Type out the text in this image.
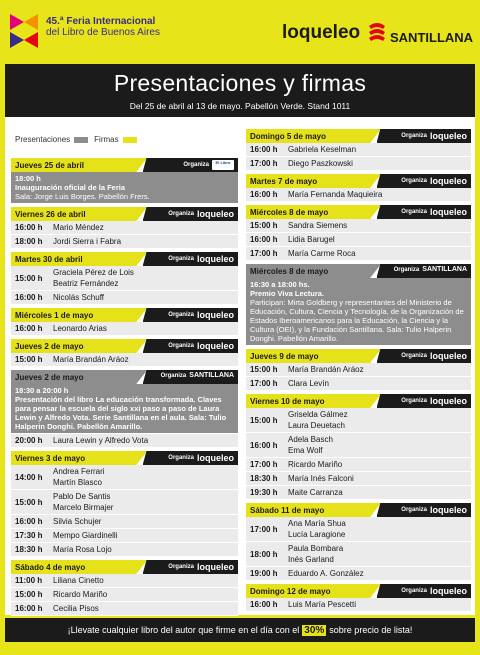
45.ª Feria Internacional
del Libro de Buenos Aires	loqueleo SANTILLANA
Presentaciones y firmas
Del 25 de abril al 13 de mayo. Pabellón Verde. Stand 1011
Presentaciones	Firmas
Jueves 25 de abril	Organiza	El Libro
18:00 h
Inauguración oficial de la Feria
Sala: Jorge Luis Borges. Pabellón Frers.
Viernes 26 de abril	Organiza loqueleo
16:00 h	Mario Méndez
18:00 h	Jordi Sierra i Fabra
Martes 30 de abril	Organiza loqueleo
15:00 h
Graciela Pérez de Lois
Beatriz Fernández
16:00 h	Nicolás Schuff
Miércoles 1 de mayo	Organiza loqueleo
16:00 h	Leonardo Arias
Jueves 2 de mayo	Organiza loqueleo
15:00 h	María Brandán Aráoz
Jueves 2 de mayo	Organiza SANTILLANA
18:30 a 20:00 h
Presentación del libro La educación transformada. Claves para pensar la escuela del siglo xxi paso a paso de Laura Lewin y Alfredo Vota. Serie Santillana en el aula. Sala: Tulio Halperin Donghi. Pabellón Amarillo.
20:00 h	Laura Lewin y Alfredo Vota
Viernes 3 de mayo	Organiza loqueleo
14:00 h
Andrea Ferrari
Martín Blasco
15:00 h
Pablo De Santis
Marcelo Birmajer
16:00 h	Silvia Schujer
17:30 h	Mempo Giardinelli
18:30 h	María Rosa Lojo
Sábado 4 de mayo	Organiza loqueleo
11:00 h	Liliana Cinetto
15:00 h	Ricardo Mariño
16:00 h	Cecilia Pisos
Domingo 5 de mayo	Organiza loqueleo
16:00 h	Gabriela Keselman
17:00 h	Diego Paszkowski
Martes 7 de mayo	Organiza loqueleo
16:00 h	María Fernanda Maquieira
Miércoles 8 de mayo	Organiza loqueleo
15:00 h	Sandra Siemens
16:00 h	Lidia Barugel
17:00 h	María Carme Roca
Miércoles 8 de mayo	Organiza SANTILLANA
16:30 a 18:00 hs.
Premio Viva Lectura.
Participan: Mirta Goldberg y representantes del Ministerio de Educación, Cultura, Ciencia y Tecnología, de la Organización de Estados Iberoamericanos para la Educación, la Ciencia y la Cultura (OEI), y la Fundación Santillana. Sala: Tulio Halperin Donghi. Pabellón Amarillo.
Jueves 9 de mayo	Organiza loqueleo
15:00 h	María Brandán Aráoz
17:00 h	Clara Levín
Viernes 10 de mayo	Organiza loqueleo
15:00 h
Griselda Gálmez
Laura Deuetach
16:00 h
Adela Basch
Ema Wolf
17:00 h	Ricardo Mariño
18:30 h	María Inés Falconi
19:30 h	Maite Carranza
Sábado 11 de mayo	Organiza loqueleo
17:00 h
Ana María Shua
Lucía Laragione
18:00 h
Paula Bombara
Inés Garland
19:00 h	Eduardo A. González
Domingo 12 de mayo	Organiza loqueleo
16:00 h	Luis María Pescetti
¡Llevate cualquier libro del autor que firme en el día con el 30% sobre precio de lista!
